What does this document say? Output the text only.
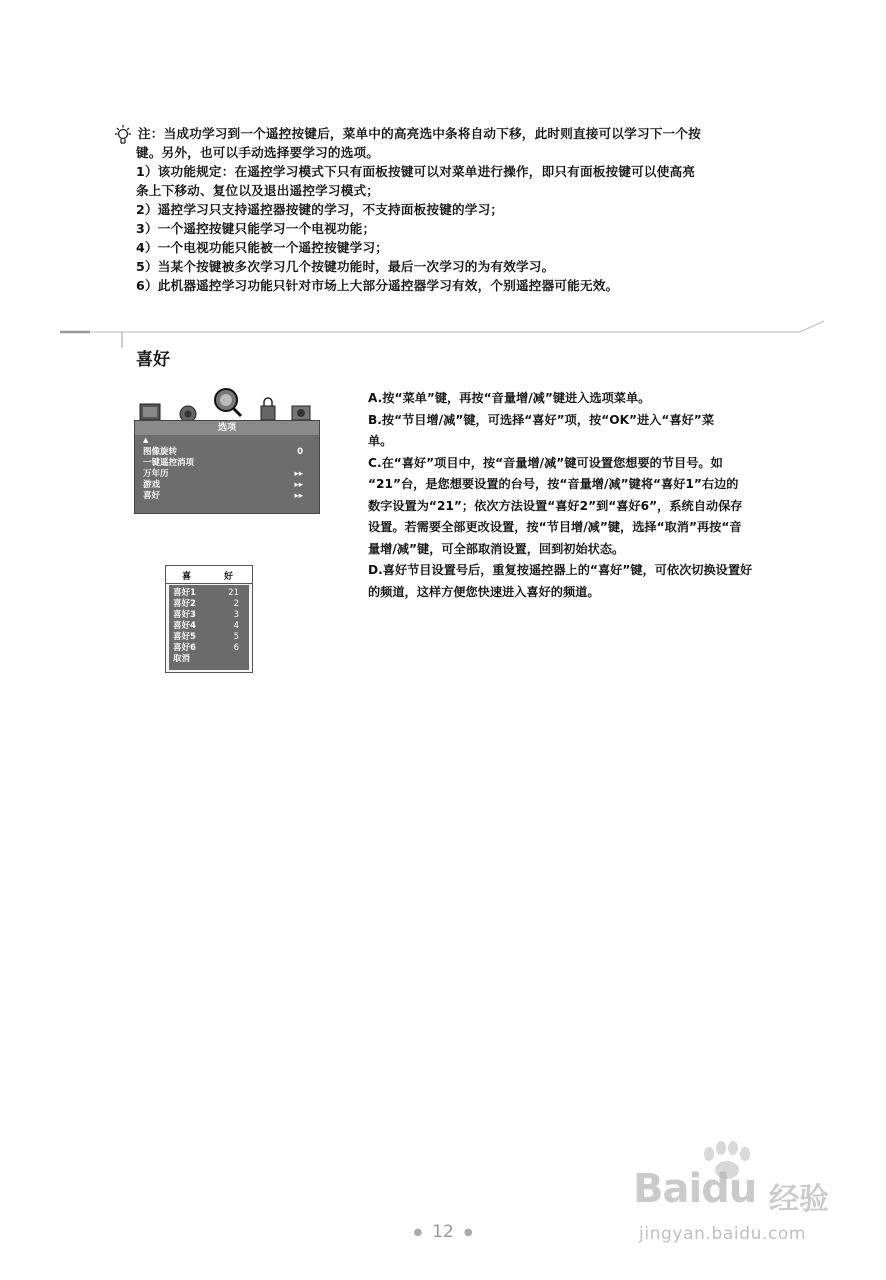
注：当成功学习到一个遥控按键后，菜单中的高亮选中条将自动下移，此时则直接可以学习下一个按

键。另外，也可以手动选择要学习的选项。

1）该功能规定：在遥控学习模式下只有面板按键可以对菜单进行操作，即只有面板按键可以使高亮

条上下移动、复位以及退出遥控学习模式；

2）遥控学习只支持遥控器按键的学习，不支持面板按键的学习；

3）一个遥控按键只能学习一个电视功能；

4）一个电视功能只能被一个遥控按键学习；

5）当某个按键被多次学习几个按键功能时，最后一次学习的为有效学习。

6）此机器遥控学习功能只针对市场上大部分遥控器学习有效，个别遥控器可能无效。

喜好
选项
▲
图像旋转	0
一键遥控消项
万年历	▸▸
游戏	▸▸
喜好	▸▸
喜	好
喜好1	21
喜好2	2
喜好3	3
喜好4	4
喜好5	5
喜好6	6
取消

A.按“菜单”键，再按“音量增/减”键进入选项菜单。

B.按“节目增/减”键，可选择“喜好”项，按“OK”进入“喜好”菜

单。

C.在“喜好”项目中，按“音量增/减”键可设置您想要的节目号。如

“21”台，是您想要设置的台号，按“音量增/减”键将“喜好1”右边的

数字设置为“21”；依次方法设置“喜好2”到“喜好6”，系统自动保存

设置。若需要全部更改设置，按“节目增/减”键，选择“取消”再按“音

量增/减”键，可全部取消设置，回到初始状态。

D.喜好节目设置号后，重复按遥控器上的“喜好”键，可依次切换设置好

的频道，这样方便您快速进入喜好的频道。

Baidu 经验
jingyan.baidu.com
● 12 ●
